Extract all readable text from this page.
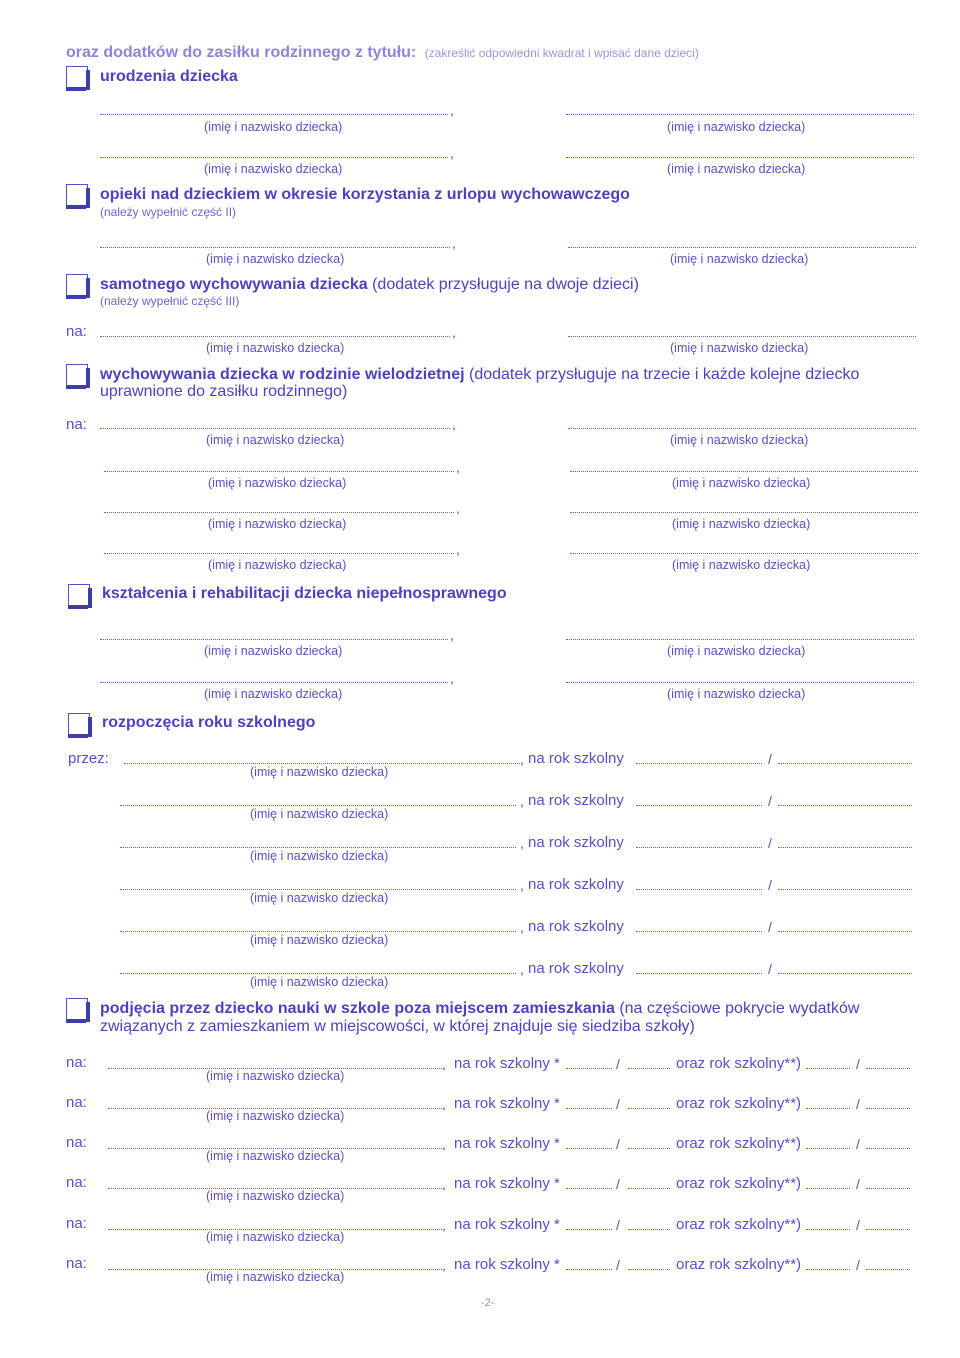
oraz dodatków do zasiłku rodzinnego z tytułu: (zakreślić odpowiedni kwadrat i wpisać dane dzieci)
urodzenia dziecka
,
(imię i nazwisko dziecka)	(imię i nazwisko dziecka)
,
(imię i nazwisko dziecka)	(imię i nazwisko dziecka)
opieki nad dzieckiem w okresie korzystania z urlopu wychowawczego
(należy wypełnić część II)
,
(imię i nazwisko dziecka)	(imię i nazwisko dziecka)
samotnego wychowywania dziecka (dodatek przysługuje na dwoje dzieci)
(należy wypełnić część III)
na:	,
(imię i nazwisko dziecka)	(imię i nazwisko dziecka)
wychowywania dziecka w rodzinie wielodzietnej (dodatek przysługuje na trzecie i każde kolejne dziecko
uprawnione do zasiłku rodzinnego)
na:	,
(imię i nazwisko dziecka)	(imię i nazwisko dziecka)
,
(imię i nazwisko dziecka)	(imię i nazwisko dziecka)
,
(imię i nazwisko dziecka)	(imię i nazwisko dziecka)
,
(imię i nazwisko dziecka)	(imię i nazwisko dziecka)
kształcenia i rehabilitacji dziecka niepełnosprawnego
,
(imię i nazwisko dziecka)	(imię i nazwisko dziecka)
,
(imię i nazwisko dziecka)	(imię i nazwisko dziecka)
rozpoczęcia roku szkolnego
przez:	, na rok szkolny	/
(imię i nazwisko dziecka)
, na rok szkolny	/
(imię i nazwisko dziecka)
, na rok szkolny	/
(imię i nazwisko dziecka)
, na rok szkolny	/
(imię i nazwisko dziecka)
, na rok szkolny	/
(imię i nazwisko dziecka)
, na rok szkolny	/
(imię i nazwisko dziecka)
podjęcia przez dziecko nauki w szkole poza miejscem zamieszkania (na częściowe pokrycie wydatków
związanych z zamieszkaniem w miejscowości, w której znajduje się siedziba szkoły)
na:	, na rok szkolny *	/	oraz rok szkolny**)	/
(imię i nazwisko dziecka)
na:	, na rok szkolny *	/	oraz rok szkolny**)	/
(imię i nazwisko dziecka)
na:	, na rok szkolny *	/	oraz rok szkolny**)	/
(imię i nazwisko dziecka)
na:	, na rok szkolny *	/	oraz rok szkolny**)	/
(imię i nazwisko dziecka)
na:	, na rok szkolny *	/	oraz rok szkolny**)	/
(imię i nazwisko dziecka)
na:	, na rok szkolny *	/	oraz rok szkolny**)	/
(imię i nazwisko dziecka)
-2-
